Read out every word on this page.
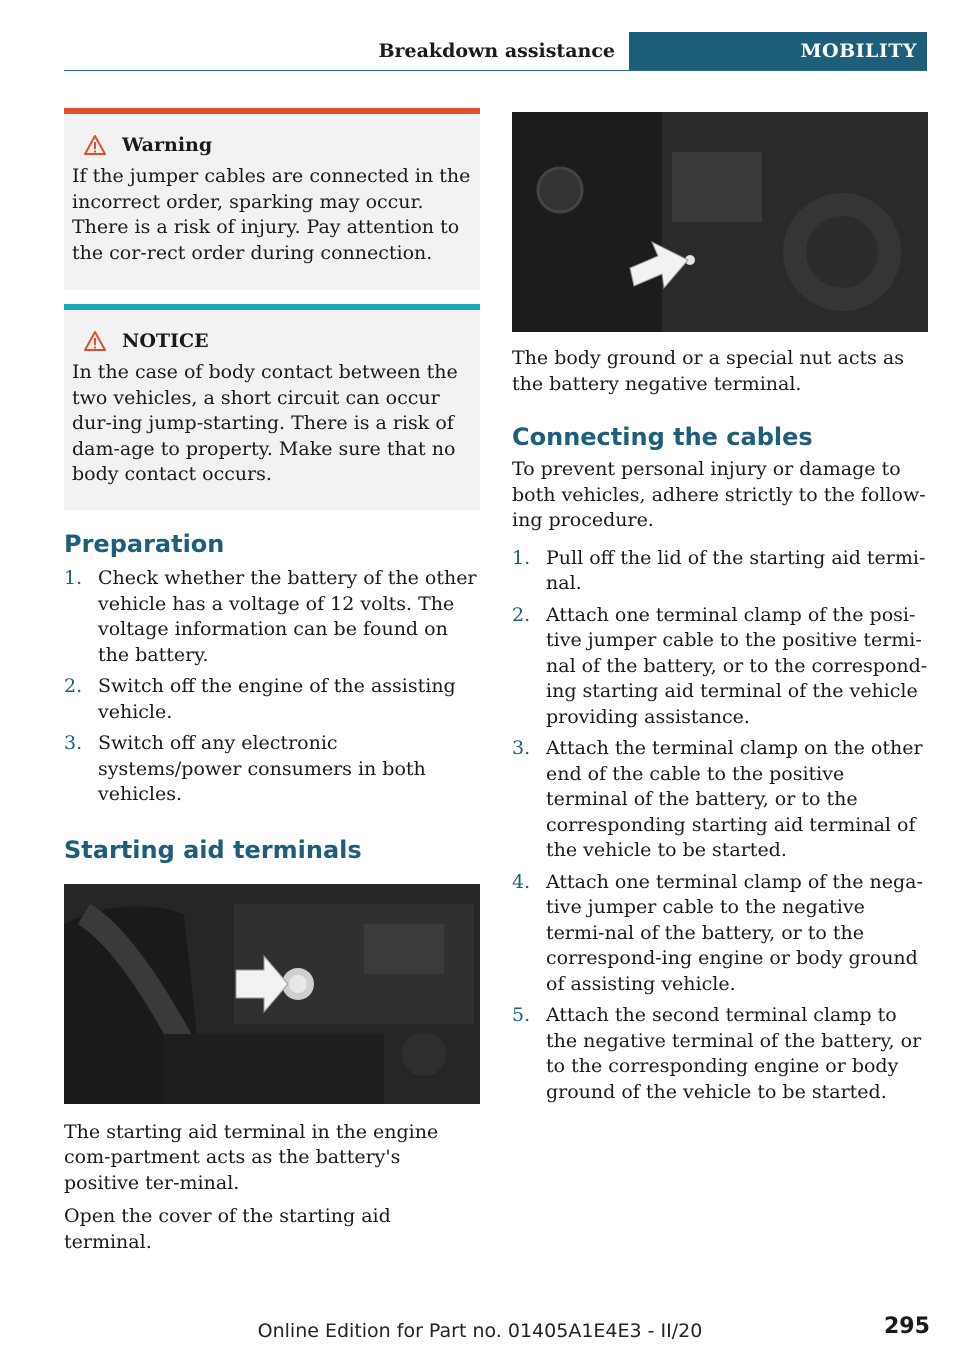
Breakdown assistance	MOBILITY
Warning
If the jumper cables are connected in the incorrect order, sparking may occur. There is a risk of injury. Pay attention to the cor-rect order during connection.
NOTICE
In the case of body contact between the two vehicles, a short circuit can occur dur-ing jump-starting. There is a risk of dam-age to property. Make sure that no body contact occurs.
Preparation
1. Check whether the battery of the other vehicle has a voltage of 12 volts. The voltage information can be found on the battery.
2. Switch off the engine of the assisting vehicle.
3. Switch off any electronic systems/power consumers in both vehicles.
Starting aid terminals

The starting aid terminal in the engine com-partment acts as the battery's positive ter-minal.

Open the cover of the starting aid terminal.

The body ground or a special nut acts as the battery negative terminal.

Connecting the cables

To prevent personal injury or damage to both vehicles, adhere strictly to the follow-ing procedure.

1. Pull off the lid of the starting aid termi-nal.
2. Attach one terminal clamp of the posi-tive jumper cable to the positive termi-nal of the battery, or to the correspond-ing starting aid terminal of the vehicle providing assistance.
3. Attach the terminal clamp on the other end of the cable to the positive terminal of the battery, or to the corresponding starting aid terminal of the vehicle to be started.
4. Attach one terminal clamp of the nega-tive jumper cable to the negative termi-nal of the battery, or to the correspond-ing engine or body ground of assisting vehicle.
5. Attach the second terminal clamp to the negative terminal of the battery, or to the corresponding engine or body ground of the vehicle to be started.
Online Edition for Part no. 01405A1E4E3 - II/20	295
